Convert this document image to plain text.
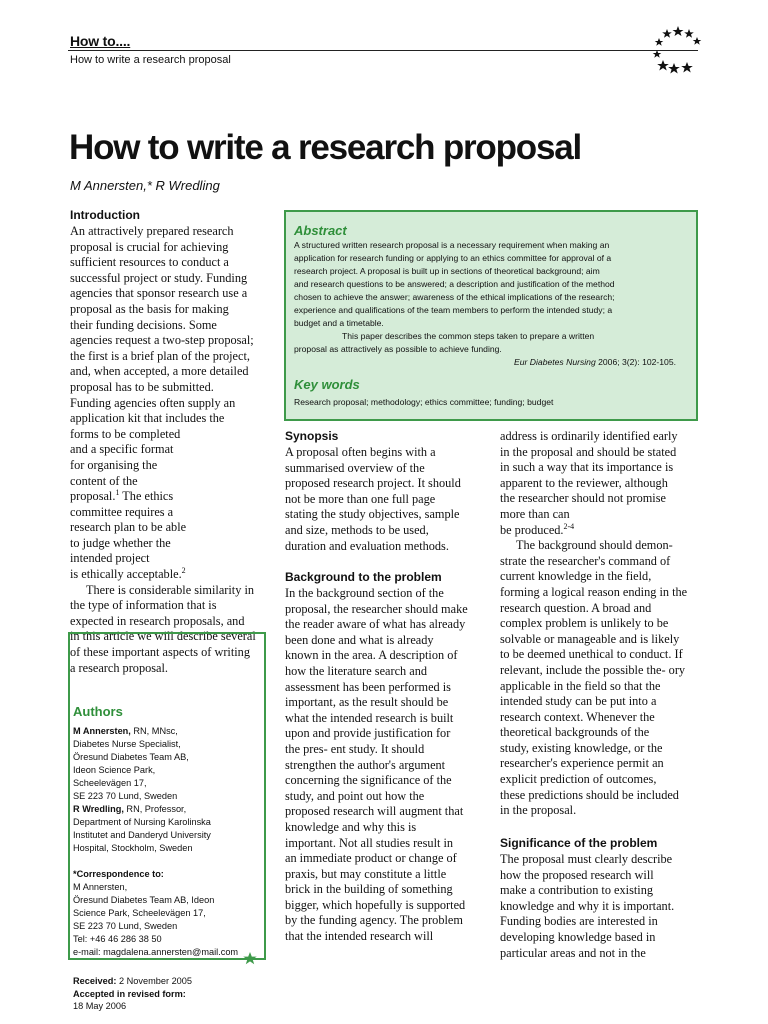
How to....
How to write a research proposal
How to write a research proposal
M Annersten,* R Wredling
Introduction

An attractively prepared research

proposal is crucial for achieving

sufficient resources to conduct a

successful project or study. Funding

agencies that sponsor research use a

proposal as the basis for making

their funding decisions. Some

agencies request a two-step proposal;

the first is a brief plan of the project,

and, when accepted, a more detailed

proposal has to be submitted.

Funding agencies often supply an

application kit that includes the

forms to be completed

and a specific format

for organising the

content of the

proposal.$^1$ The ethics

committee requires a

research plan to be able

to judge whether the

intended project

is ethically acceptable.$^2$

There is considerable similarity in

the type of information that is

expected in research proposals, and

in this article we will describe several

of these important aspects of writing

a research proposal.

Authors
M Annersten, RN, MNsc,
Diabetes Nurse Specialist,
Öresund Diabetes Team AB,
Ideon Science Park,
Scheelevägen 17,
SE 223 70 Lund, Sweden
R Wredling, RN, Professor,
Department of Nursing Karolinska
Institutet and Danderyd University
Hospital, Stockholm, Sweden
*Correspondence to:
M Annersten,
Öresund Diabetes Team AB, Ideon
Science Park, Scheelevägen 17,
SE 223 70 Lund, Sweden
Tel: +46 46 286 38 50
e-mail: magdalena.annersten@mail.com
Received: 2 November 2005
Accepted in revised form:
18 May 2006
Abstract
A structured written research proposal is a necessary requirement when making an
application for research funding or applying to an ethics committee for approval of a
research project. A proposal is built up in sections of theoretical background; aim
and research questions to be answered; a description and justification of the method
chosen to achieve the answer; awareness of the ethical implications of the research;
experience and qualifications of the team members to perform the intended study; a
budget and a timetable.
This paper describes the common steps taken to prepare a written
proposal as attractively as possible to achieve funding.
Eur Diabetes Nursing 2006; 3(2): 102-105.
Key words
Research proposal; methodology; ethics committee; funding; budget
Synopsis

A proposal often begins with a

summarised overview of the

proposed research project. It should

not be more than one full page

stating the study objectives, sample

and size, methods to be used,

duration and evaluation methods.

Background to the problem

In the background section of the

proposal, the researcher should make

the reader aware of what has already

been done and what is already

known in the area. A description of

how the literature search and

assessment has been performed is

important, as the result should be

what the intended research is built

upon and provide justification for

the pres- ent study. It should

strengthen the author's argument

concerning the significance of the

study, and point out how the

proposed research will augment that

knowledge and why this is

important. Not all studies result in

an immediate product or change of

praxis, but may constitute a little

brick in the building of something

bigger, which hopefully is supported

by the funding agency. The problem

that the intended research will

address is ordinarily identified early

in the proposal and should be stated

in such a way that its importance is

apparent to the reviewer, although

the researcher should not promise

more than can

be produced.$^{2-4}$

The background should demon-

strate the researcher's command of

current knowledge in the field,

forming a logical reason ending in the

research question. A broad and

complex problem is unlikely to be

solvable or manageable and is likely

to be deemed unethical to conduct. If

relevant, include the possible the- ory

applicable in the field so that the

intended study can be put into a

research context. Whenever the

theoretical backgrounds of the

study, existing knowledge, or the

researcher's experience permit an

explicit prediction of outcomes,

these predictions should be included

in the proposal.

Significance of the problem

The proposal must clearly describe

how the proposed research will

make a contribution to existing

knowledge and why it is important.

Funding bodies are interested in

developing knowledge based in

particular areas and not in the
